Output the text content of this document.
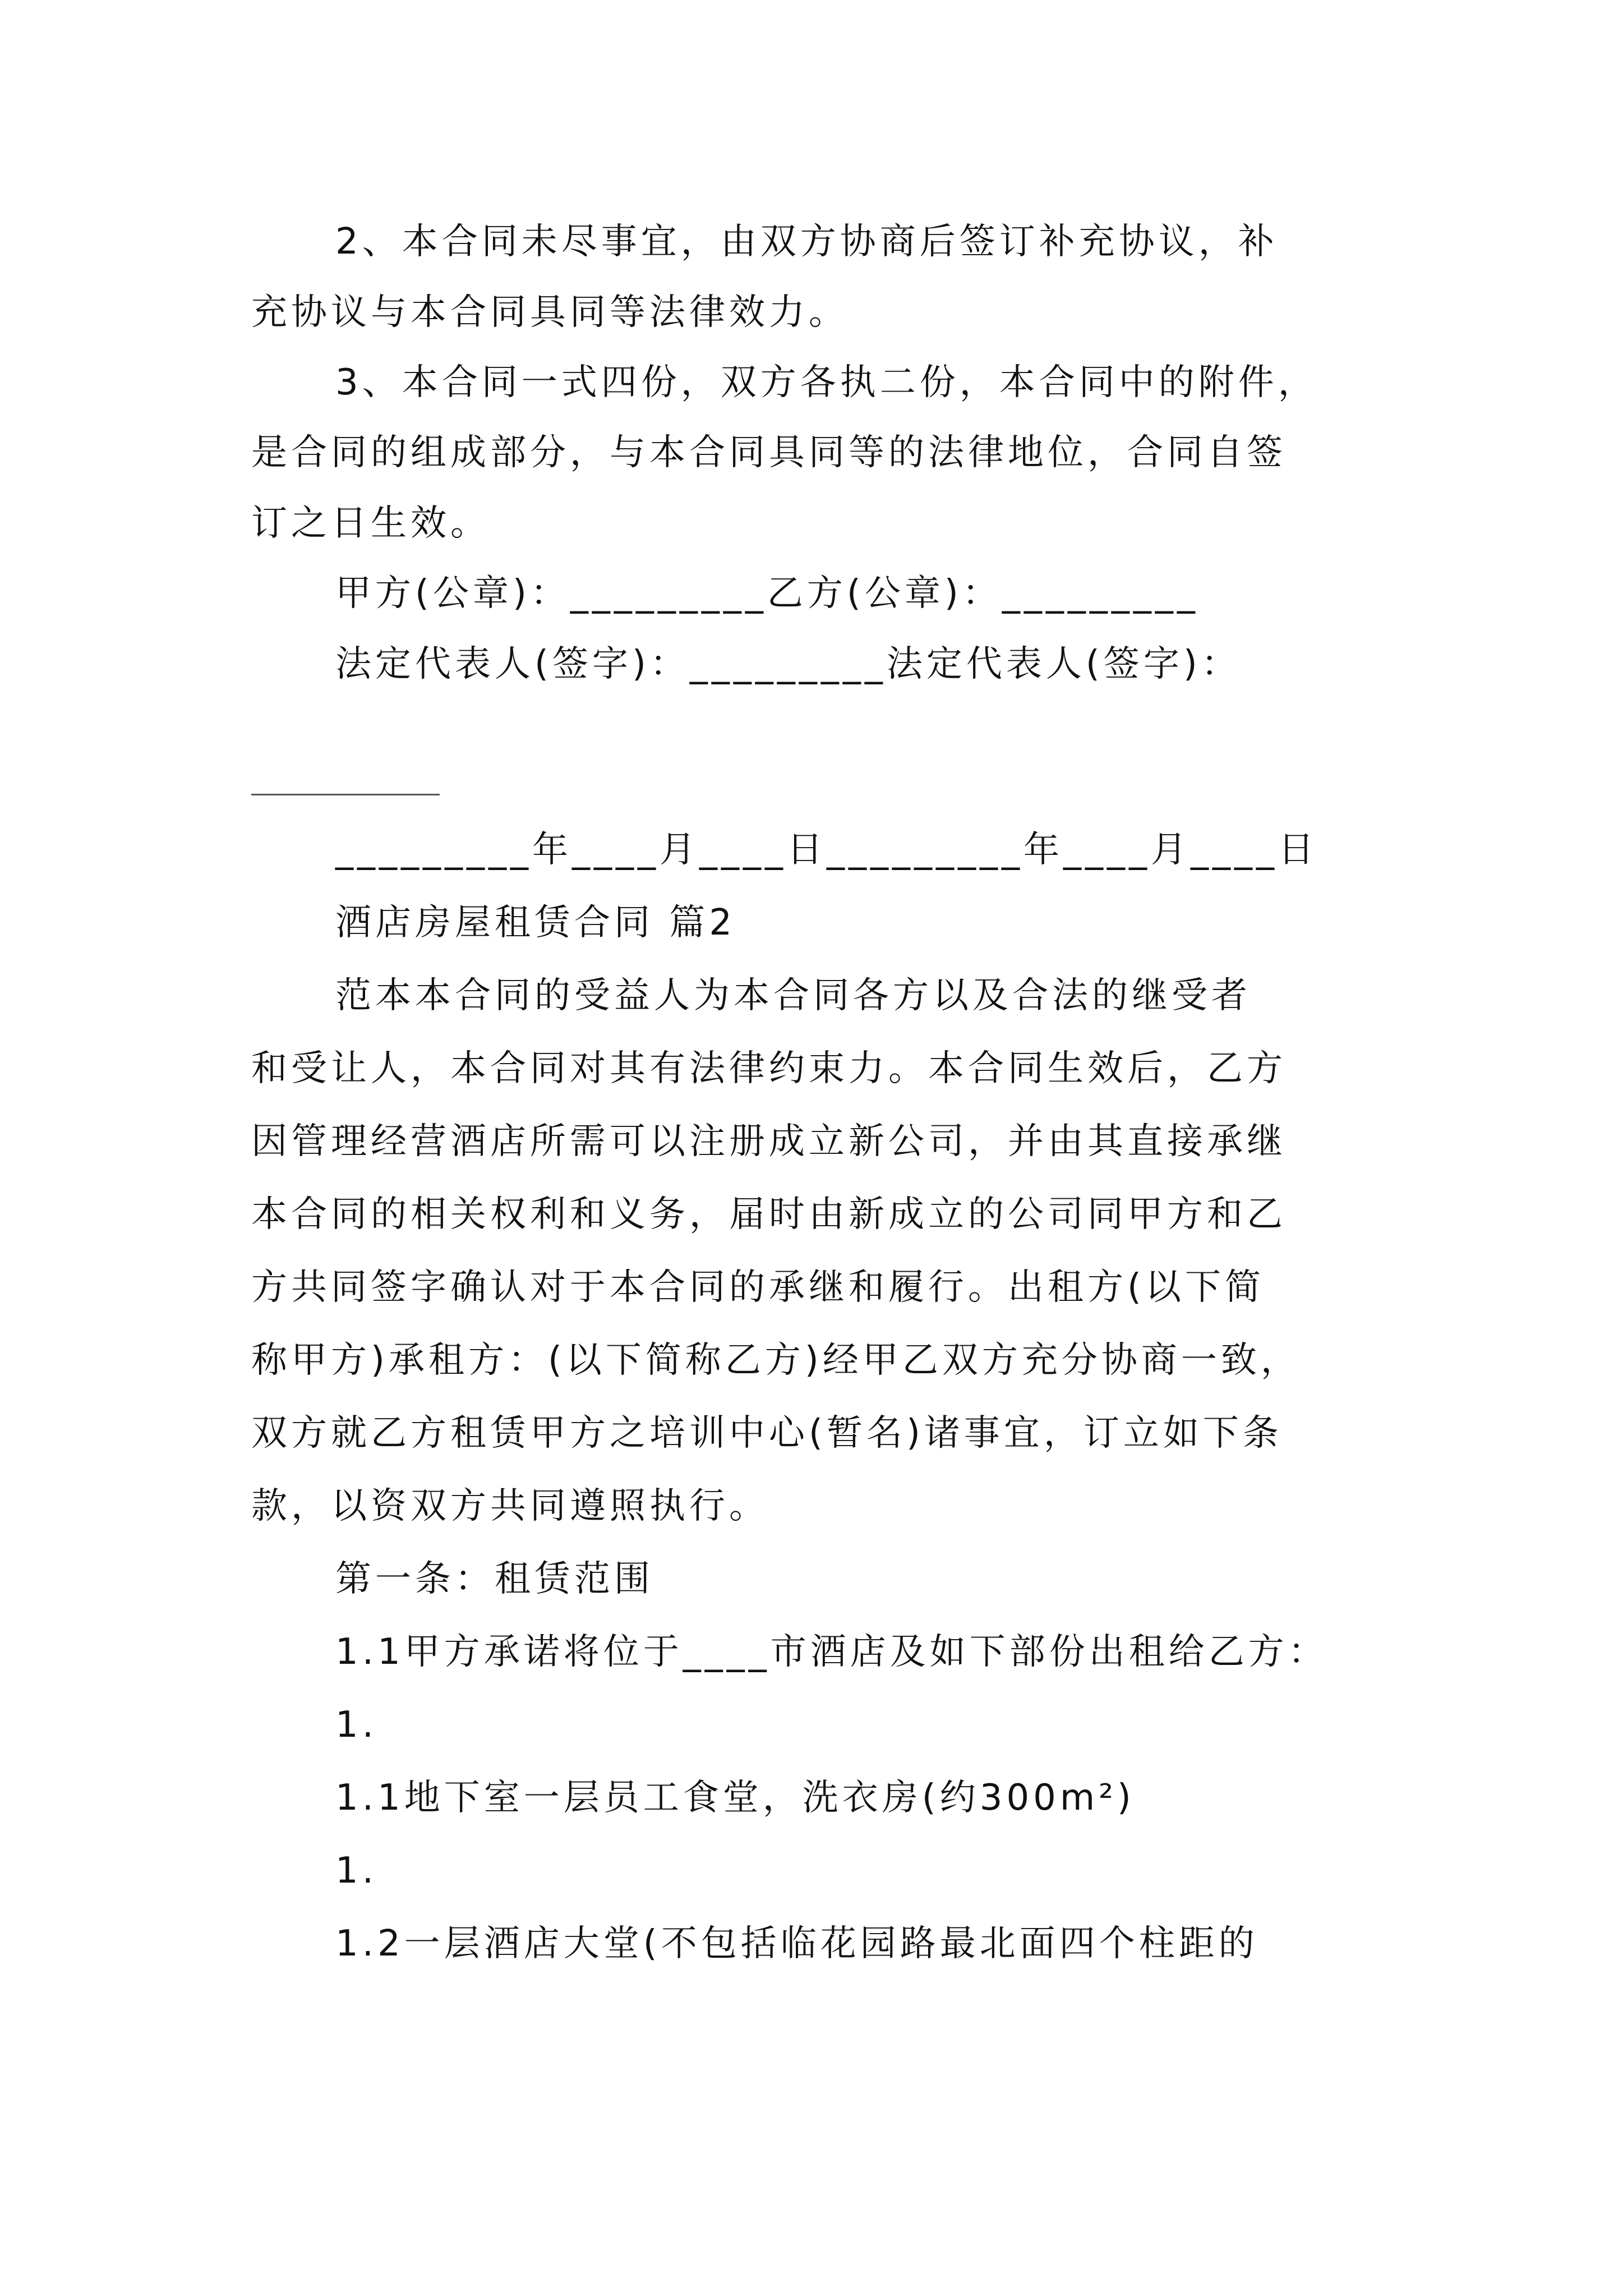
2、本合同未尽事宜，由双方协商后签订补充协议，补
充协议与本合同具同等法律效力。
3、本合同一式四份，双方各执二份，本合同中的附件，
是合同的组成部分，与本合同具同等的法律地位，合同自签
订之日生效。
甲方(公章)：_________乙方(公章)：_________
法定代表人(签字)：_________法定代表人(签字)：
_________年____月____日_________年____月____日
酒店房屋租赁合同 篇2
范本本合同的受益人为本合同各方以及合法的继受者
和受让人，本合同对其有法律约束力。本合同生效后，乙方
因管理经营酒店所需可以注册成立新公司，并由其直接承继
本合同的相关权利和义务，届时由新成立的公司同甲方和乙
方共同签字确认对于本合同的承继和履行。出租方(以下简
称甲方)承租方：(以下简称乙方)经甲乙双方充分协商一致，
双方就乙方租赁甲方之培训中心(暂名)诸事宜，订立如下条
款，以资双方共同遵照执行。
第一条：租赁范围
1.1甲方承诺将位于____市酒店及如下部份出租给乙方：
1.
1.1地下室一层员工食堂，洗衣房(约300m²)
1.
1.2一层酒店大堂(不包括临花园路最北面四个柱距的
